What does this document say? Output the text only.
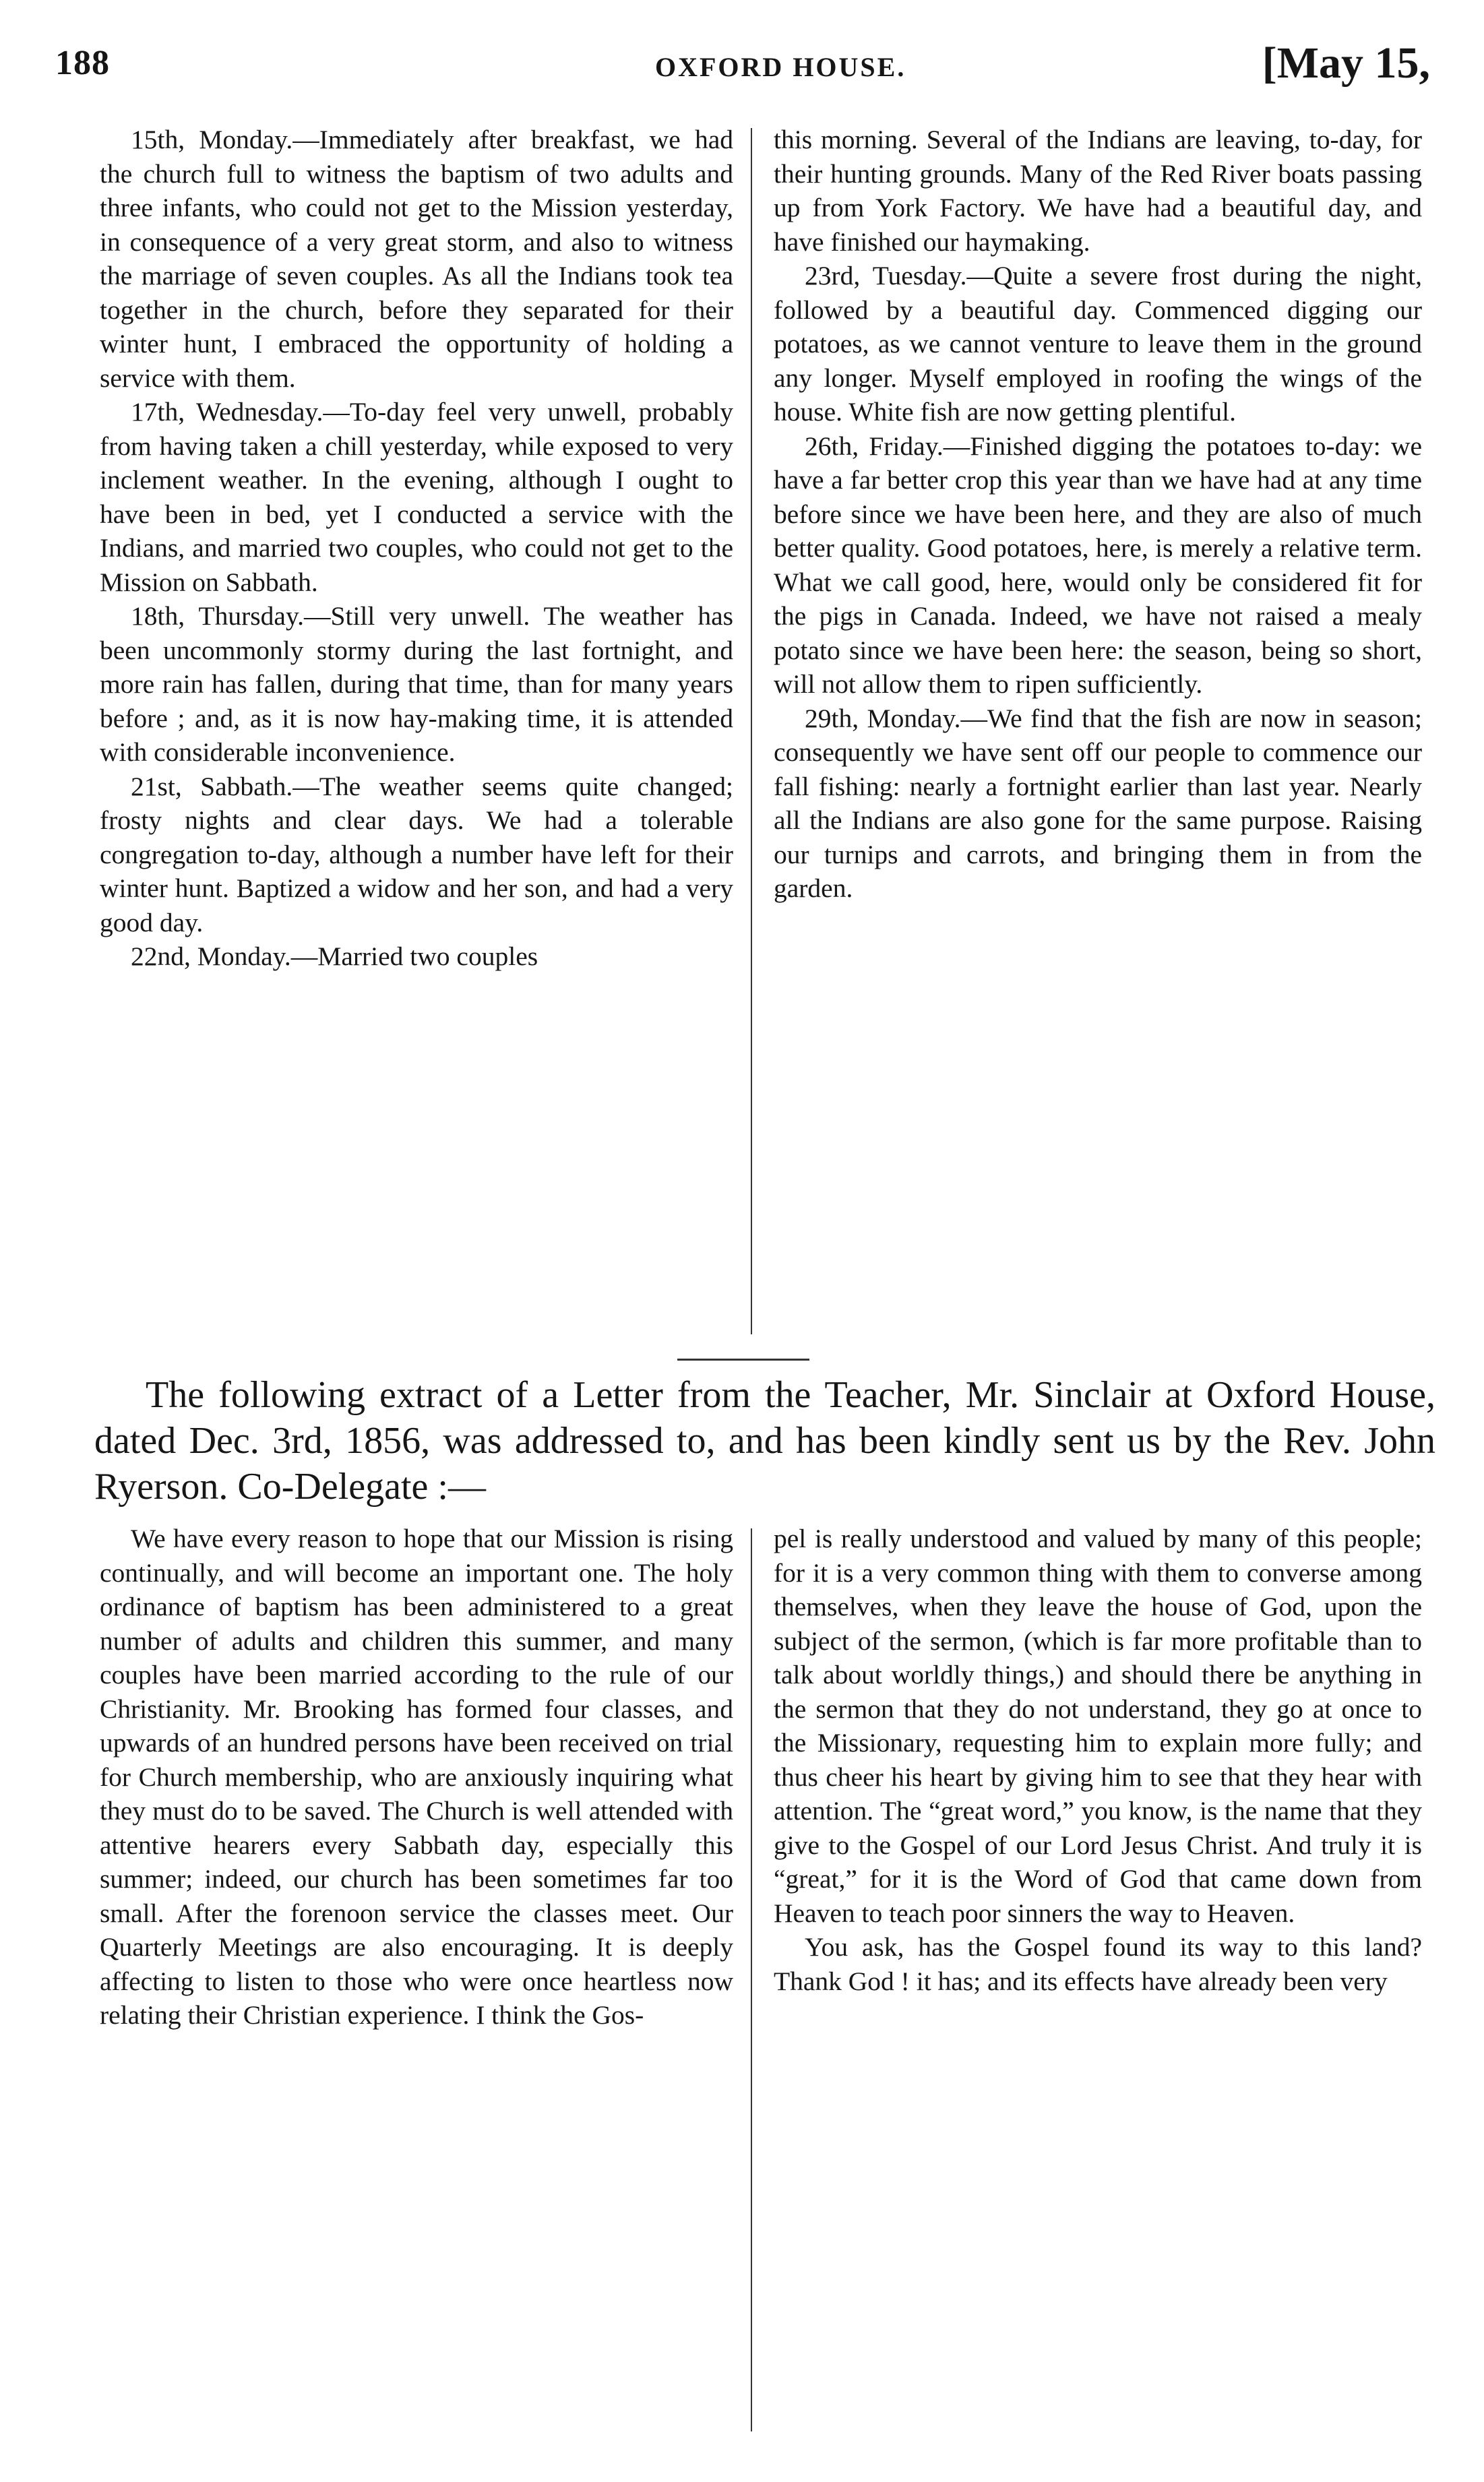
188	OXFORD HOUSE.	[May 15,

15th, Monday.—Immediately after breakfast, we had the church full to witness the baptism of two adults and three infants, who could not get to the Mission yesterday, in consequence of a very great storm, and also to witness the marriage of seven couples. As all the Indians took tea together in the church, before they separated for their winter hunt, I embraced the opportunity of holding a service with them.

17th, Wednesday.—To-day feel very unwell, probably from having taken a chill yesterday, while exposed to very inclement weather. In the evening, although I ought to have been in bed, yet I conducted a service with the Indians, and married two couples, who could not get to the Mission on Sabbath.

18th, Thursday.—Still very unwell. The weather has been uncommonly stormy during the last fortnight, and more rain has fallen, during that time, than for many years before ; and, as it is now hay-making time, it is attended with considerable inconvenience.

21st, Sabbath.—The weather seems quite changed; frosty nights and clear days. We had a tolerable congregation to-day, although a number have left for their winter hunt. Baptized a widow and her son, and had a very good day.

22nd, Monday.—Married two couples

this morning. Several of the Indians are leaving, to-day, for their hunting grounds. Many of the Red River boats passing up from York Factory. We have had a beautiful day, and have finished our haymaking.

23rd, Tuesday.—Quite a severe frost during the night, followed by a beautiful day. Commenced digging our potatoes, as we cannot venture to leave them in the ground any longer. Myself employed in roofing the wings of the house. White fish are now getting plentiful.

26th, Friday.—Finished digging the potatoes to-day: we have a far better crop this year than we have had at any time before since we have been here, and they are also of much better quality. Good potatoes, here, is merely a relative term. What we call good, here, would only be considered fit for the pigs in Canada. Indeed, we have not raised a mealy potato since we have been here: the season, being so short, will not allow them to ripen sufficiently.

29th, Monday.—We find that the fish are now in season; consequently we have sent off our people to commence our fall fishing: nearly a fortnight earlier than last year. Nearly all the Indians are also gone for the same purpose. Raising our turnips and carrots, and bringing them in from the garden.

The following extract of a Letter from the Teacher, Mr. Sinclair at Oxford House, dated Dec. 3rd, 1856, was addressed to, and has been kindly sent us by the Rev. John Ryerson. Co-Delegate :—

We have every reason to hope that our Mission is rising continually, and will become an important one. The holy ordinance of baptism has been administered to a great number of adults and children this summer, and many couples have been married according to the rule of our Christianity. Mr. Brooking has formed four classes, and upwards of an hundred persons have been received on trial for Church membership, who are anxiously inquiring what they must do to be saved. The Church is well attended with attentive hearers every Sabbath day, especially this summer; indeed, our church has been sometimes far too small. After the forenoon service the classes meet. Our Quarterly Meetings are also encouraging. It is deeply affecting to listen to those who were once heartless now relating their Christian experience. I think the Gos-

pel is really understood and valued by many of this people; for it is a very common thing with them to converse among themselves, when they leave the house of God, upon the subject of the sermon, (which is far more profitable than to talk about worldly things,) and should there be anything in the sermon that they do not understand, they go at once to the Missionary, requesting him to explain more fully; and thus cheer his heart by giving him to see that they hear with attention. The “great word,” you know, is the name that they give to the Gospel of our Lord Jesus Christ. And truly it is “great,” for it is the Word of God that came down from Heaven to teach poor sinners the way to Heaven.

You ask, has the Gospel found its way to this land? Thank God ! it has; and its effects have already been very
